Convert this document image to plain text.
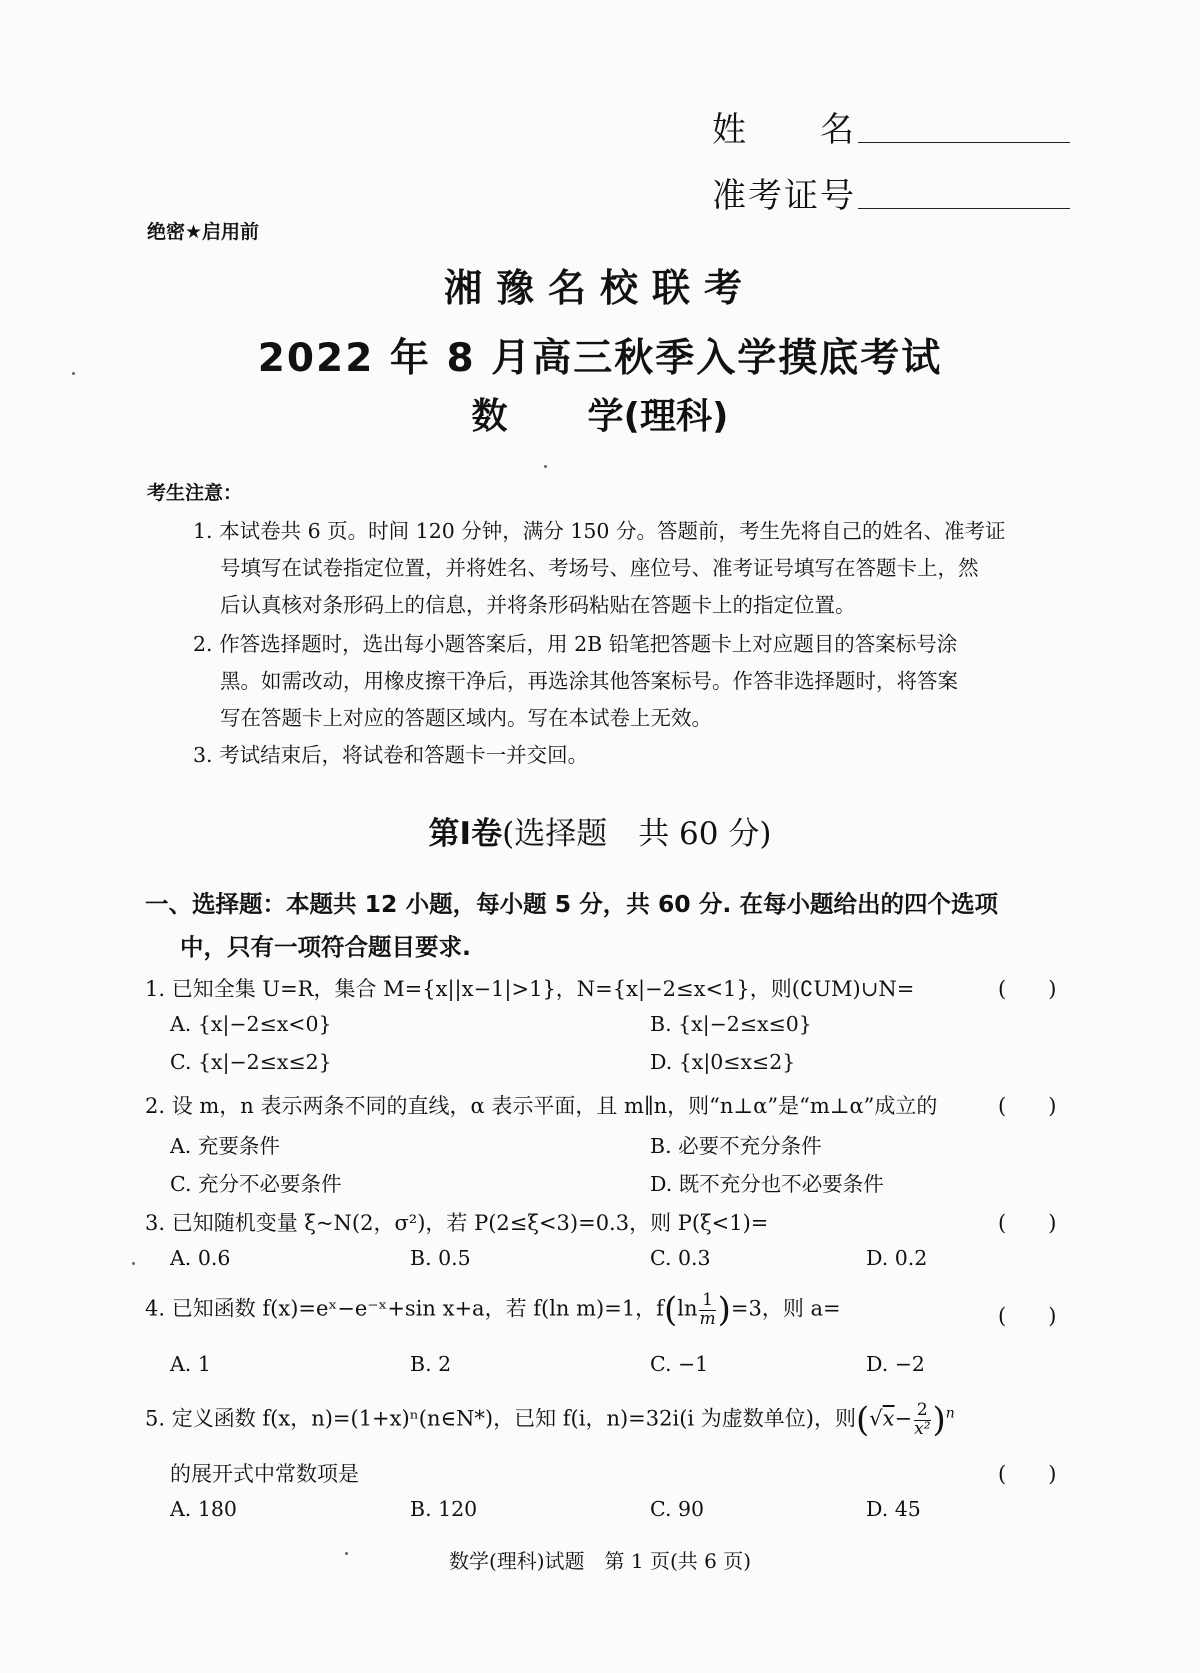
姓　　名
准考证号
绝密★启用前
湘豫名校联考
2022 年 8 月高三秋季入学摸底考试
数 学(理科)
考生注意：
1. 本试卷共 6 页。时间 120 分钟，满分 150 分。答题前，考生先将自己的姓名、准考证
号填写在试卷指定位置，并将姓名、考场号、座位号、准考证号填写在答题卡上，然
后认真核对条形码上的信息，并将条形码粘贴在答题卡上的指定位置。
2. 作答选择题时，选出每小题答案后，用 2B 铅笔把答题卡上对应题目的答案标号涂
黑。如需改动，用橡皮擦干净后，再选涂其他答案标号。作答非选择题时，将答案
写在答题卡上对应的答题区域内。写在本试卷上无效。
3. 考试结束后，将试卷和答题卡一并交回。
第Ⅰ卷(选择题　共 60 分)
一、选择题：本题共 12 小题，每小题 5 分，共 60 分. 在每小题给出的四个选项
中，只有一项符合题目要求.
1. 已知全集 U=R，集合 M={x||x−1|>1}，N={x|−2≤x<1}，则(∁UM)∪N=	(　　)
A. {x|−2≤x<0}	B. {x|−2≤x≤0}
C. {x|−2≤x≤2}	D. {x|0≤x≤2}
2. 设 m，n 表示两条不同的直线，α 表示平面，且 m∥n，则“n⊥α”是“m⊥α”成立的	(　　)
A. 充要条件	B. 必要不充分条件
C. 充分不必要条件	D. 既不充分也不必要条件
3. 已知随机变量 ξ~N(2，σ²)，若 P(2≤ξ<3)=0.3，则 P(ξ<1)=	(　　)
A. 0.6	B. 0.5	C. 0.3	D. 0.2
4. 已知函数 f(x)=eˣ−e⁻ˣ+sin x+a，若 f(ln m)=1，$f(\ln \frac{1}{m} )=3$，则 a=	(　　)
A. 1	B. 2	C. −1	D. −2
5. 定义函数 f(x，n)=(1+x)ⁿ(n∈N*)，已知 f(i，n)=32i(i 为虚数单位)，则$(√x- \frac{2}{\text{x²}} )^n$
的展开式中常数项是	(　　)
A. 180	B. 120	C. 90	D. 45
数学(理科)试题　第 1 页(共 6 页)
